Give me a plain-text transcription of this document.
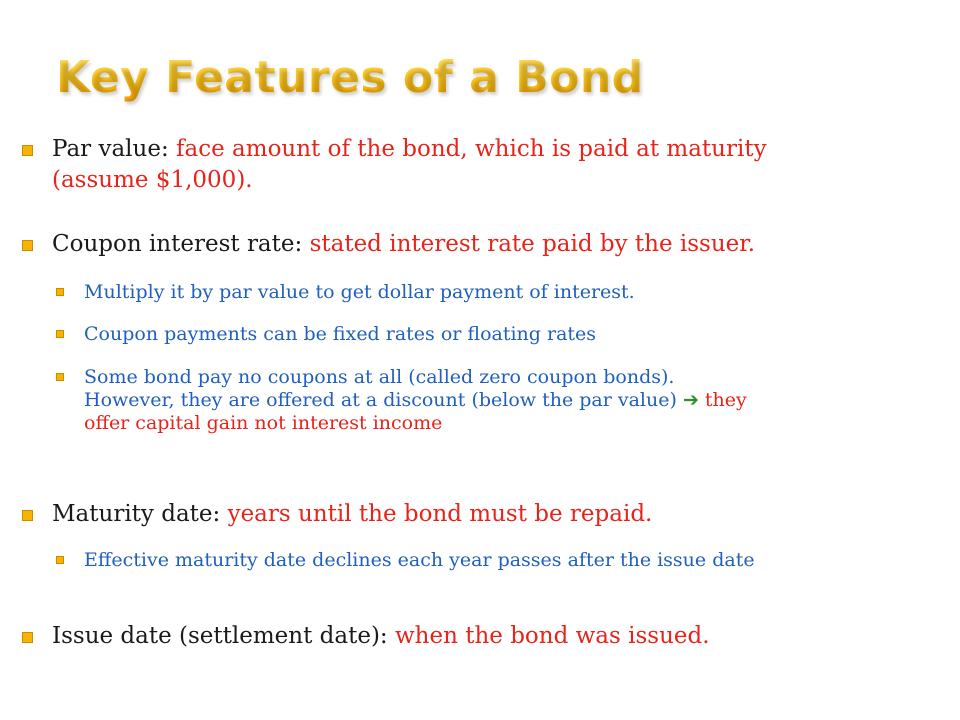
Key Features of a Bond
Par value: face amount of the bond, which is paid at maturity
(assume $1,000).
Coupon interest rate: stated interest rate paid by the issuer.
Multiply it by par value to get dollar payment of interest.
Coupon payments can be fixed rates or floating rates
Some bond pay no coupons at all (called zero coupon bonds).
However, they are offered at a discount (below the par value) ➔ they
offer capital gain not interest income
Maturity date: years until the bond must be repaid.
Effective maturity date declines each year passes after the issue date
Issue date (settlement date): when the bond was issued.
